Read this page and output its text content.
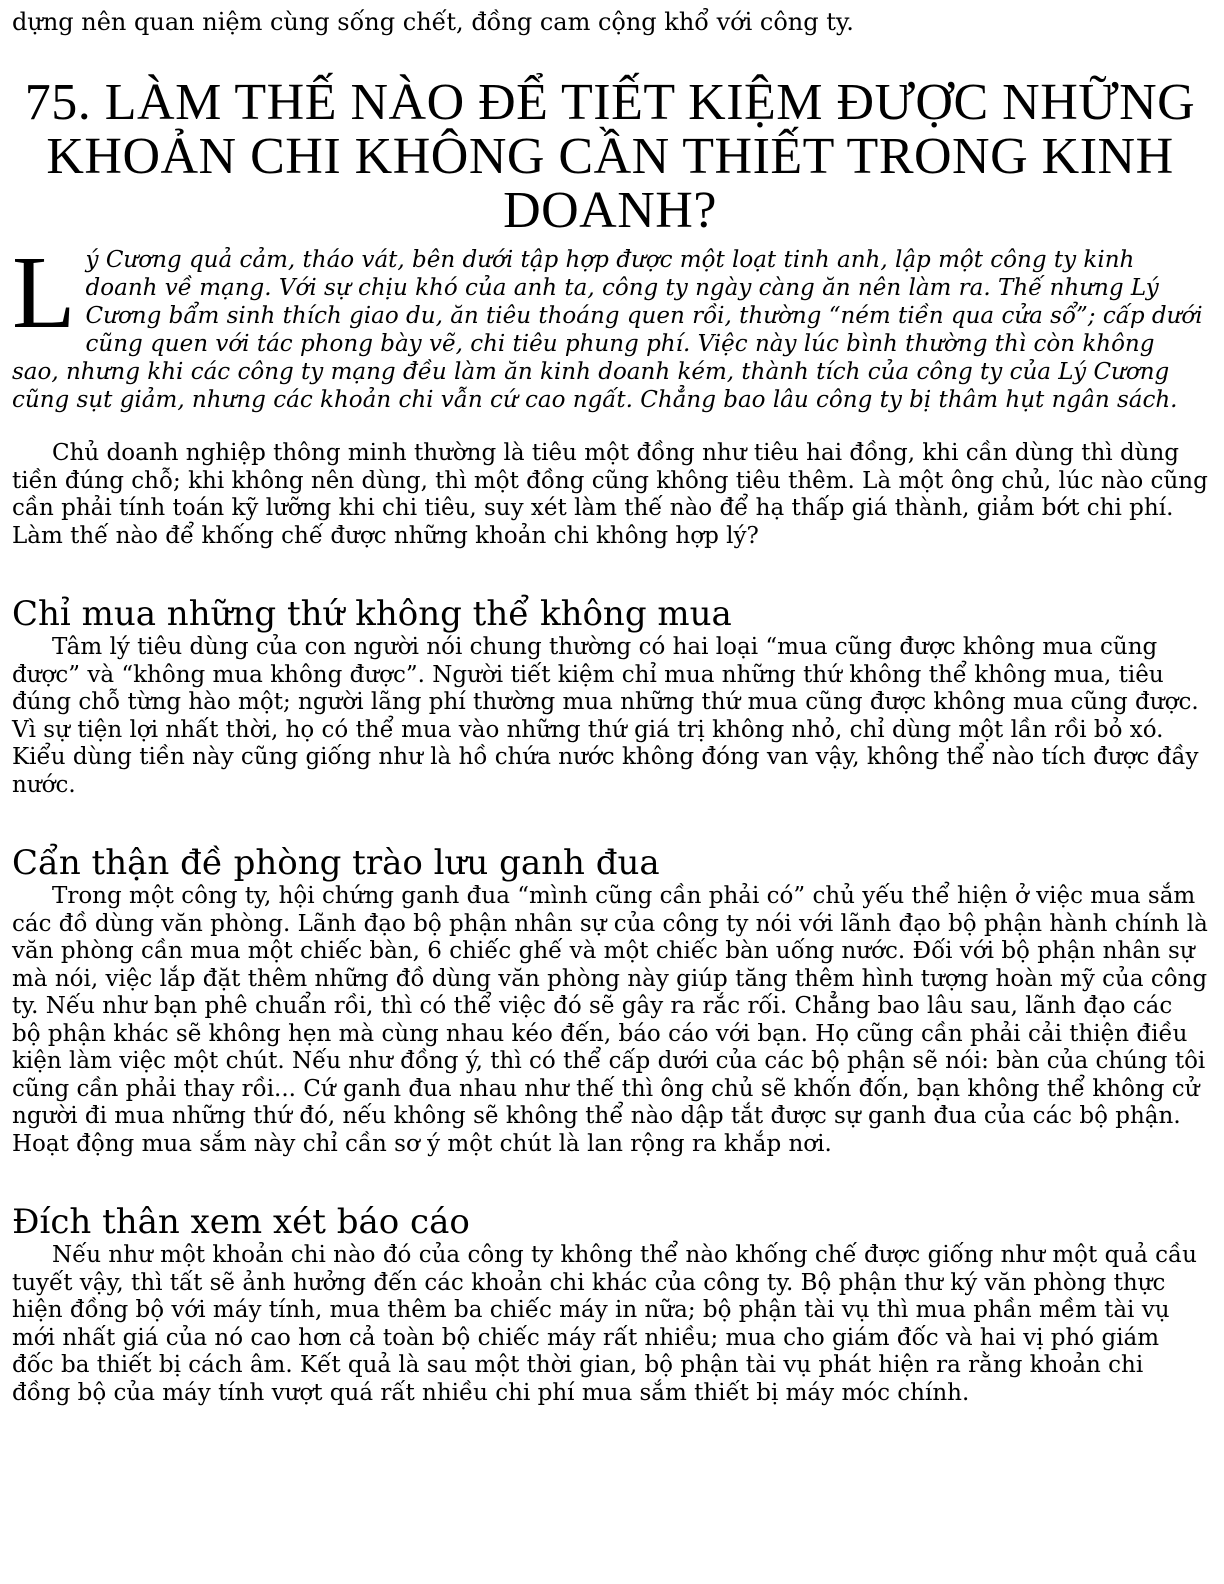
dựng nên quan niệm cùng sống chết, đồng cam cộng khổ với công ty.

75. LÀM THẾ NÀO ĐỂ TIẾT KIỆM ĐƯỢC NHỮNG KHOẢN CHI KHÔNG CẦN THIẾT TRONG KINH DOANH?

Lý Cương quả cảm, tháo vát, bên dưới tập hợp được một loạt tinh anh, lập một công ty kinh doanh về mạng. Với sự chịu khó của anh ta, công ty ngày càng ăn nên làm ra. Thế nhưng Lý Cương bẩm sinh thích giao du, ăn tiêu thoáng quen rồi, thường “ném tiền qua cửa sổ”; cấp dưới cũng quen với tác phong bày vẽ, chi tiêu phung phí. Việc này lúc bình thường thì còn không sao, nhưng khi các công ty mạng đều làm ăn kinh doanh kém, thành tích của công ty của Lý Cương cũng sụt giảm, nhưng các khoản chi vẫn cứ cao ngất. Chẳng bao lâu công ty bị thâm hụt ngân sách.

Chủ doanh nghiệp thông minh thường là tiêu một đồng như tiêu hai đồng, khi cần dùng thì dùng tiền đúng chỗ; khi không nên dùng, thì một đồng cũng không tiêu thêm. Là một ông chủ, lúc nào cũng cần phải tính toán kỹ lưỡng khi chi tiêu, suy xét làm thế nào để hạ thấp giá thành, giảm bớt chi phí. Làm thế nào để khống chế được những khoản chi không hợp lý?

Chỉ mua những thứ không thể không mua

Tâm lý tiêu dùng của con người nói chung thường có hai loại “mua cũng được không mua cũng được” và “không mua không được”. Người tiết kiệm chỉ mua những thứ không thể không mua, tiêu đúng chỗ từng hào một; người lãng phí thường mua những thứ mua cũng được không mua cũng được. Vì sự tiện lợi nhất thời, họ có thể mua vào những thứ giá trị không nhỏ, chỉ dùng một lần rồi bỏ xó. Kiểu dùng tiền này cũng giống như là hồ chứa nước không đóng van vậy, không thể nào tích được đầy nước.

Cẩn thận đề phòng trào lưu ganh đua

Trong một công ty, hội chứng ganh đua “mình cũng cần phải có” chủ yếu thể hiện ở việc mua sắm các đồ dùng văn phòng. Lãnh đạo bộ phận nhân sự của công ty nói với lãnh đạo bộ phận hành chính là văn phòng cần mua một chiếc bàn, 6 chiếc ghế và một chiếc bàn uống nước. Đối với bộ phận nhân sự mà nói, việc lắp đặt thêm những đồ dùng văn phòng này giúp tăng thêm hình tượng hoàn mỹ của công ty. Nếu như bạn phê chuẩn rồi, thì có thể việc đó sẽ gây ra rắc rối. Chẳng bao lâu sau, lãnh đạo các bộ phận khác sẽ không hẹn mà cùng nhau kéo đến, báo cáo với bạn. Họ cũng cần phải cải thiện điều kiện làm việc một chút. Nếu như đồng ý, thì có thể cấp dưới của các bộ phận sẽ nói: bàn của chúng tôi cũng cần phải thay rồi... Cứ ganh đua nhau như thế thì ông chủ sẽ khốn đốn, bạn không thể không cử người đi mua những thứ đó, nếu không sẽ không thể nào dập tắt được sự ganh đua của các bộ phận. Hoạt động mua sắm này chỉ cần sơ ý một chút là lan rộng ra khắp nơi.

Đích thân xem xét báo cáo

Nếu như một khoản chi nào đó của công ty không thể nào khống chế được giống như một quả cầu tuyết vậy, thì tất sẽ ảnh hưởng đến các khoản chi khác của công ty. Bộ phận thư ký văn phòng thực hiện đồng bộ với máy tính, mua thêm ba chiếc máy in nữa; bộ phận tài vụ thì mua phần mềm tài vụ mới nhất giá của nó cao hơn cả toàn bộ chiếc máy rất nhiều; mua cho giám đốc và hai vị phó giám đốc ba thiết bị cách âm. Kết quả là sau một thời gian, bộ phận tài vụ phát hiện ra rằng khoản chi đồng bộ của máy tính vượt quá rất nhiều chi phí mua sắm thiết bị máy móc chính.
